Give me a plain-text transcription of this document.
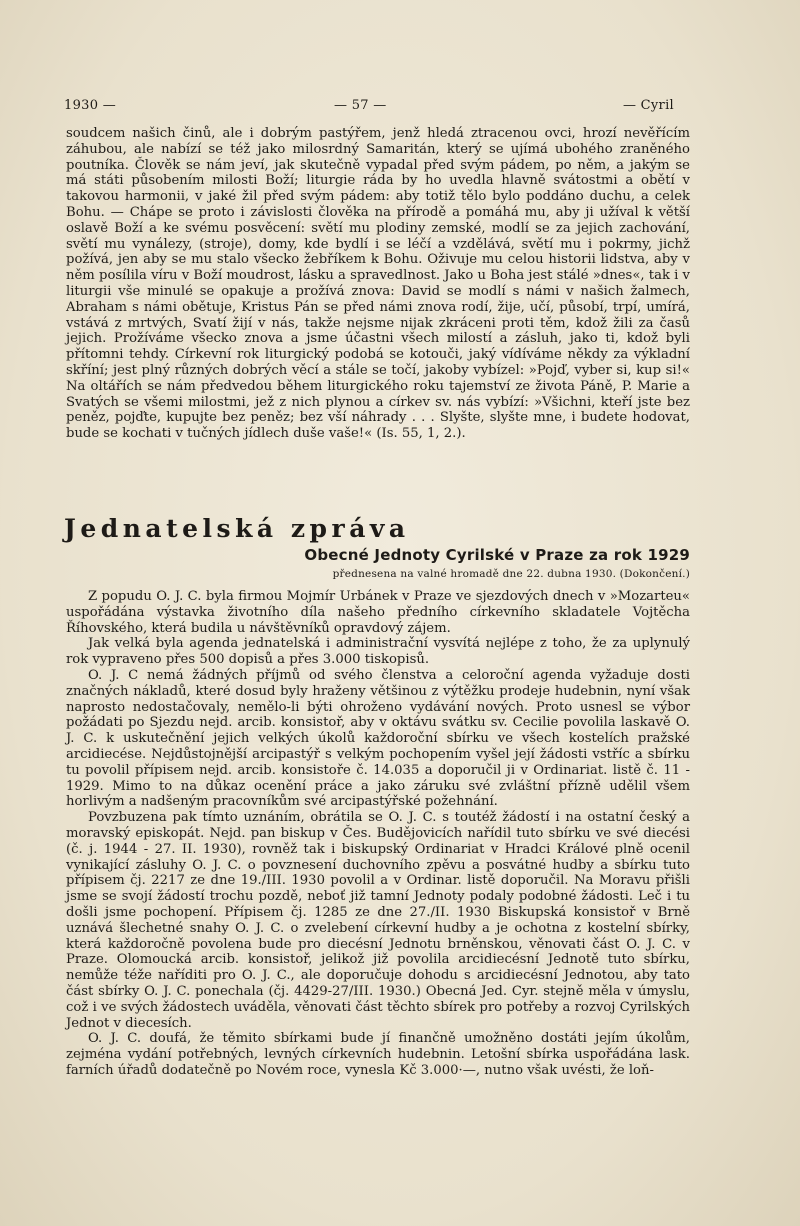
1930 —	— 57 —	— Cyril

soudcem našich činů, ale i dobrým pastýřem, jenž hledá ztracenou ovci, hrozí nevěřícím záhubou, ale nabízí se též jako milosrdný Samaritán, který se ujímá ubohého zraněného poutníka. Člověk se nám jeví, jak skutečně vypadal před svým pádem, po něm, a jakým se má státi působením milosti Boží; liturgie ráda by ho uvedla hlavně svátostmi a obětí v takovou harmonii, v jaké žil před svým pádem: aby totiž tělo bylo poddáno duchu, a celek Bohu. — Chápe se proto i závislosti člověka na přírodě a pomáhá mu, aby ji užíval k větší oslavě Boží a ke svému posvěcení: světí mu plodiny zemské, modlí se za jejich zachování, světí mu vynálezy, (stroje), domy, kde bydlí i se léčí a vzdělává, světí mu i pokrmy, jichž požívá, jen aby se mu stalo všecko žebříkem k Bohu. Oživuje mu celou historii lidstva, aby v něm posílila víru v Boží moudrost, lásku a spravedlnost. Jako u Boha jest stálé »dnes«, tak i v liturgii vše minulé se opakuje a prožívá znova: David se modlí s námi v našich žalmech, Abraham s námi obětuje, Kristus Pán se před námi znova rodí, žije, učí, působí, trpí, umírá, vstává z mrtvých, Svatí žijí v nás, takže nejsme nijak zkráceni proti těm, kdož žili za časů jejich. Prožíváme všecko znova a jsme účastni všech milostí a zásluh, jako ti, kdož byli přítomni tehdy. Církevní rok liturgický podobá se kotouči, jaký vídíváme někdy za výkladní skříní; jest plný různých dobrých věcí a stále se točí, jakoby vybízel: »Pojď, vyber si, kup si!« Na oltářích se nám předvedou během liturgického roku tajemství ze života Páně, P. Marie a Svatých se všemi milostmi, jež z nich plynou a církev sv. nás vybízí: »Všichni, kteří jste bez peněz, pojďte, kupujte bez peněz; bez vší náhrady . . . Slyšte, slyšte mne, i budete hodovat, bude se kochati v tučných jídlech duše vaše!« (Is. 55, 1, 2.).

Jednatelská zpráva
Obecné Jednoty Cyrilské v Praze za rok 1929
přednesena na valné hromadě dne 22. dubna 1930. (Dokončení.)

Z popudu O. J. C. byla firmou Mojmír Urbánek v Praze ve sjezdových dnech v »Mozarteu« uspořádána výstavka životního díla našeho předního církevního skladatele Vojtěcha Říhovského, která budila u návštěvníků opravdový zájem.

Jak velká byla agenda jednatelská i administrační vysvítá nejlépe z toho, že za uplynulý rok vypraveno přes 500 dopisů a přes 3.000 tiskopisů.

O. J. C nemá žádných příjmů od svého členstva a celoroční agenda vyžaduje dosti značných nákladů, které dosud byly hraženy většinou z výtěžku prodeje hudebnin, nyní však naprosto nedostačovaly, nemělo-li býti ohroženo vydávání nových. Proto usnesl se výbor požádati po Sjezdu nejd. arcib. konsistoř, aby v oktávu svátku sv. Cecilie povolila laskavě O. J. C. k uskutečnění jejich velkých úkolů každoroční sbírku ve všech kostelích pražské arcidiecése. Nejdůstojnější arcipastýř s velkým pochopením vyšel její žádosti vstříc a sbírku tu povolil přípisem nejd. arcib. konsistoře č. 14.035 a doporučil ji v Ordinariat. listě č. 11 - 1929. Mimo to na důkaz ocenění práce a jako záruku své zvláštní přízně udělil všem horlivým a nadšeným pracovníkům své arcipastýřské požehnání.

Povzbuzena pak tímto uznáním, obrátila se O. J. C. s toutéž žádostí i na ostatní český a moravský episkopát. Nejd. pan biskup v Čes. Budějovicích nařídil tuto sbírku ve své diecési (č. j. 1944 - 27. II. 1930), rovněž tak i biskupský Ordinariat v Hradci Králové plně ocenil vynikající zásluhy O. J. C. o povznesení duchovního zpěvu a posvátné hudby a sbírku tuto přípisem čj. 2217 ze dne 19./III. 1930 povolil a v Ordinar. listě doporučil. Na Moravu přišli jsme se svojí žádostí trochu pozdě, neboť již tamní Jednoty podaly podobné žádosti. Leč i tu došli jsme pochopení. Přípisem čj. 1285 ze dne 27./II. 1930 Biskupská konsistoř v Brně uznává šlechetné snahy O. J. C. o zvelebení církevní hudby a je ochotna z kostelní sbírky, která každoročně povolena bude pro diecésní Jednotu brněnskou, věnovati část O. J. C. v Praze. Olomoucká arcib. konsistoř, jelikož již povolila arcidiecésní Jednotě tuto sbírku, nemůže téže naříditi pro O. J. C., ale doporučuje dohodu s arcidiecésní Jednotou, aby tato část sbírky O. J. C. ponechala (čj. 4429-27/III. 1930.) Obecná Jed. Cyr. stejně měla v úmyslu, což i ve svých žádostech uváděla, věnovati část těchto sbírek pro potřeby a rozvoj Cyrilských Jednot v diecesích.

O. J. C. doufá, že těmito sbírkami bude jí finančně umožněno dostáti jejím úkolům, zejména vydání potřebných, levných církevních hudebnin. Letošní sbírka uspořádána lask. farních úřadů dodatečně po Novém roce, vynesla Kč 3.000·—, nutno však uvésti, že loň-
